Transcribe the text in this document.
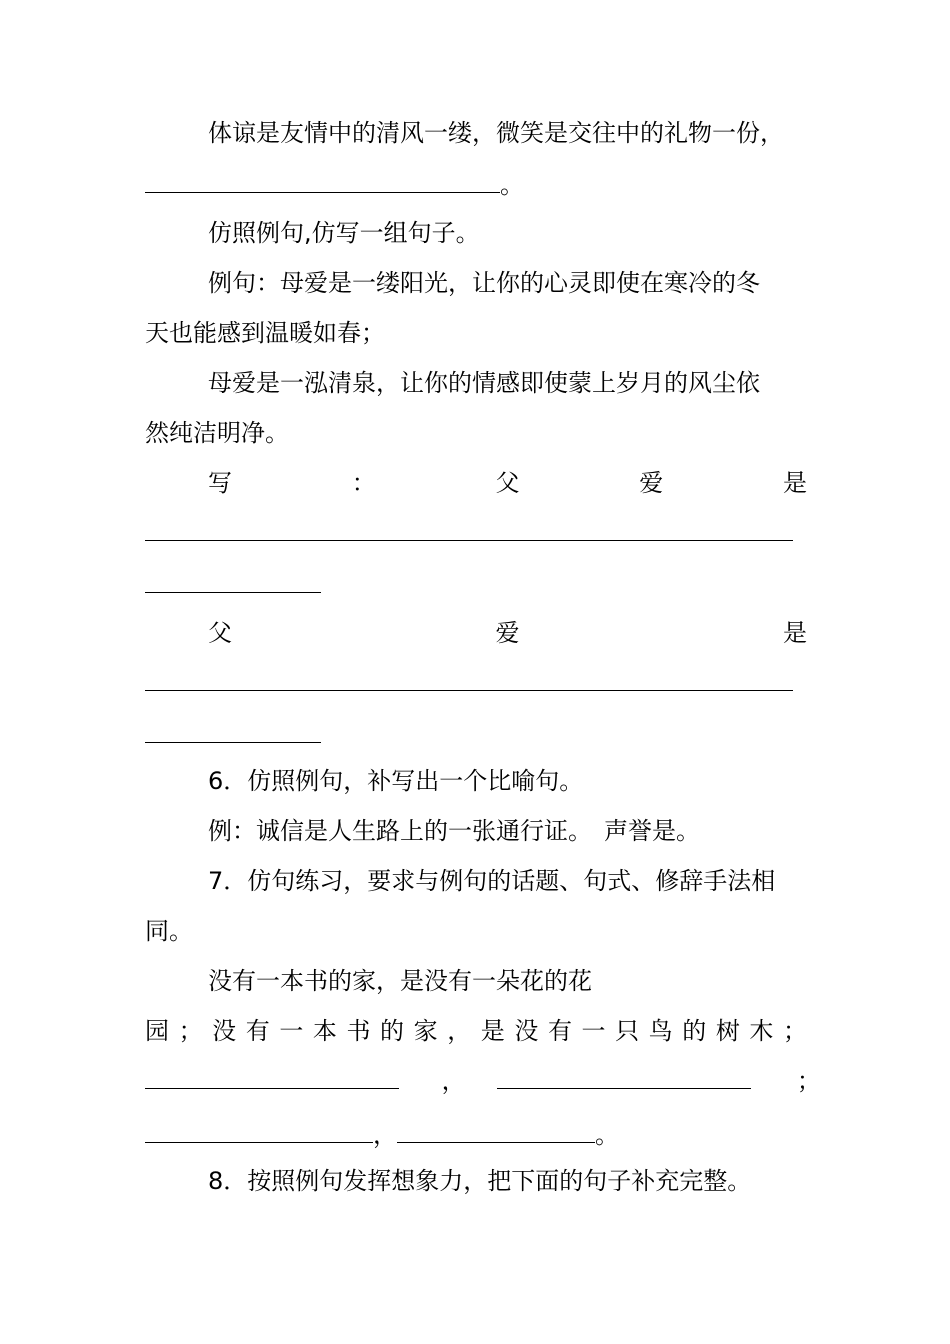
体谅是友情中的清风一缕，微笑是交往中的礼物一份，
。
仿照例句,仿写一组句子。
例句：母爱是一缕阳光，让你的心灵即使在寒冷的冬
天也能感到温暖如春；
母爱是一泓清泉，让你的情感即使蒙上岁月的风尘依
然纯洁明净。
写	：	父	爱	是
父	爱	是
6．仿照例句，补写出一个比喻句。
例：诚信是人生路上的一张通行证。　声誉是。
7．仿句练习，要求与例句的话题、句式、修辞手法相
同。
没有一本书的家，是没有一朵花的花
园 ； 没 有 一 本 书 的 家 ， 是 没 有 一 只 鸟 的 树 木 ；
，	；
，	。
8．按照例句发挥想象力，把下面的句子补充完整。
